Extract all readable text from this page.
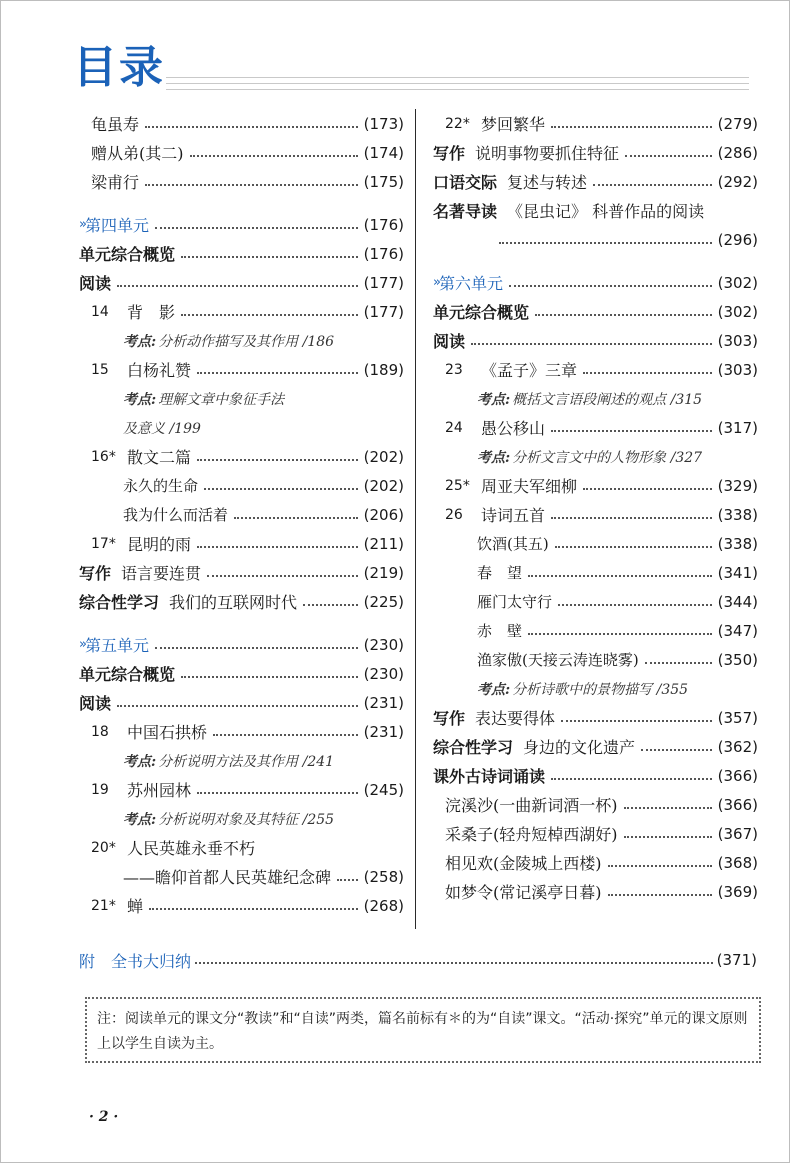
目录
龟虽寿	(173)
赠从弟(其二)	(174)
梁甫行	(175)
» 第四单元	(176)
单元综合概览	(176)
阅读	(177)
14	背　影	(177)
考点: 分析动作描写及其作用 /186
15	白杨礼赞	(189)
考点: 理解文章中象征手法
及意义 /199
16* 散文二篇	(202)
永久的生命	(202)
我为什么而活着	(206)
17* 昆明的雨	(211)
写作 语言要连贯	(219)
综合性学习 我们的互联网时代	(225)
» 第五单元	(230)
单元综合概览	(230)
阅读	(231)
18	中国石拱桥	(231)
考点: 分析说明方法及其作用 /241
19	苏州园林	(245)
考点: 分析说明对象及其特征 /255
20* 人民英雄永垂不朽
——瞻仰首都人民英雄纪念碑 (258)
21* 蝉	(268)
22* 梦回繁华	(279)
写作 说明事物要抓住特征	(286)
口语交际 复述与转述	(292)
名著导读 《昆虫记》 科普作品的阅读
(296)
» 第六单元	(302)
单元综合概览	(302)
阅读	(303)
23	《孟子》三章	(303)
考点: 概括文言语段阐述的观点 /315
24	愚公移山	(317)
考点: 分析文言文中的人物形象 /327
25* 周亚夫军细柳	(329)
26	诗词五首	(338)
饮酒(其五)	(338)
春　望	(341)
雁门太守行	(344)
赤　壁	(347)
渔家傲(天接云涛连晓雾)	(350)
考点: 分析诗歌中的景物描写 /355
写作 表达要得体	(357)
综合性学习 身边的文化遗产	(362)
课外古诗词诵读	(366)
浣溪沙(一曲新词酒一杯)	(366)
采桑子(轻舟短棹西湖好)	(367)
相见欢(金陵城上西楼)	(368)
如梦令(常记溪亭日暮)	(369)
附 全书大归纳	(371)
注：阅读单元的课文分“教读”和“自读”两类，篇名前标有＊的为“自读”课文。“活动·探究”单元的课文原则上以学生自读为主。
· 2 ·
